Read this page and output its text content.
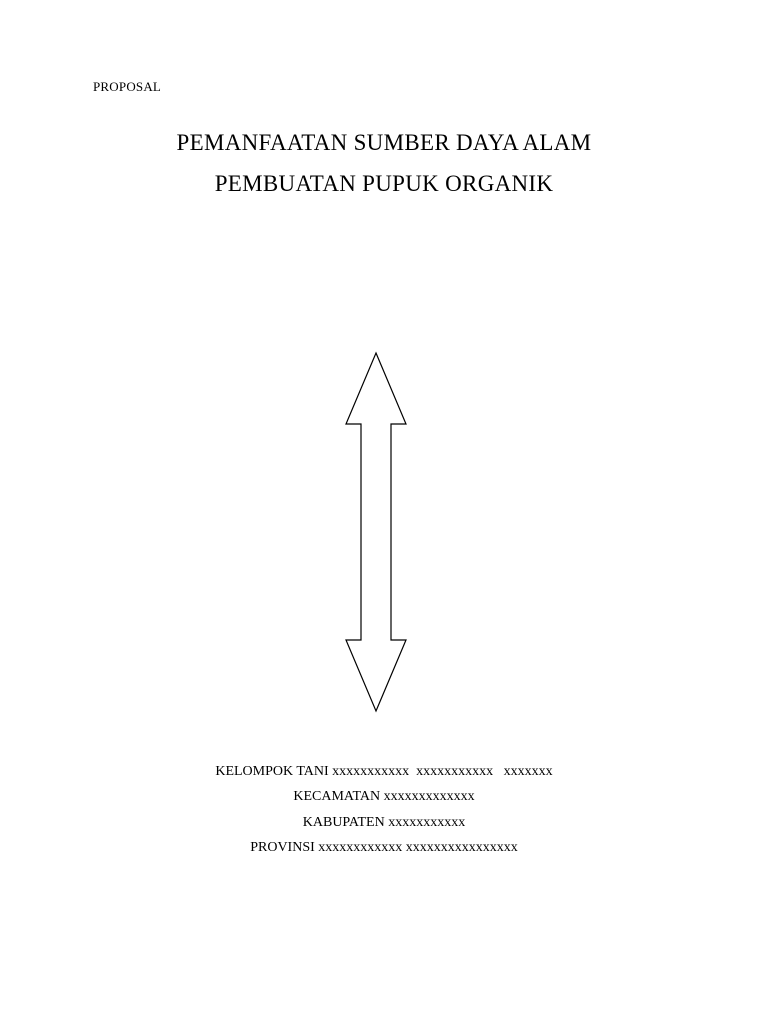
PROPOSAL
PEMANFAATAN SUMBER DAYA ALAM
PEMBUATAN PUPUK ORGANIK
KELOMPOK TANI xxxxxxxxxxx  xxxxxxxxxxx   xxxxxxx
KECAMATAN xxxxxxxxxxxxx
KABUPATEN xxxxxxxxxxx
PROVINSI xxxxxxxxxxxx xxxxxxxxxxxxxxxx
